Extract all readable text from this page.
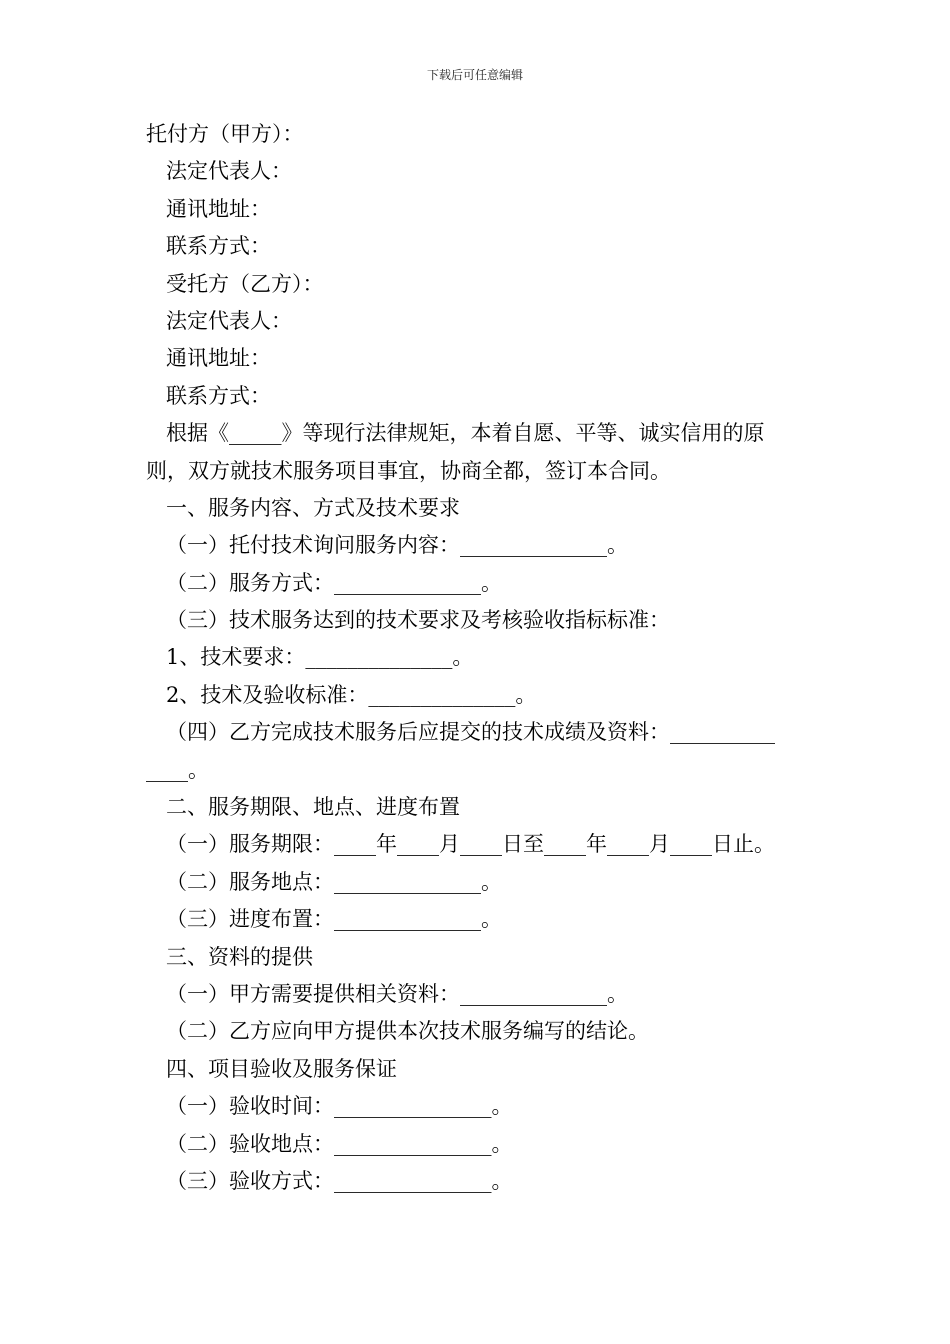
下载后可任意编辑
托付方（甲方）：
法定代表人：
通讯地址：
联系方式：
受托方（乙方）：
法定代表人：
通讯地址：
联系方式：
根据《_____》等现行法律规矩，本着自愿、平等、诚实信用的原
则，双方就技术服务项目事宜，协商全都，签订本合同。
一、服务内容、方式及技术要求
（一）托付技术询问服务内容：______________。
（二）服务方式：______________。
（三）技术服务达到的技术要求及考核验收指标标准：
1、技术要求：______________。
2、技术及验收标准：______________。
（四）乙方完成技术服务后应提交的技术成绩及资料：__________
____。
二、服务期限、地点、进度布置
（一）服务期限：____年____月____日至____年____月____日止。
（二）服务地点：______________。
（三）进度布置：______________。
三、资料的提供
（一）甲方需要提供相关资料：______________。
（二）乙方应向甲方提供本次技术服务编写的结论。
四、项目验收及服务保证
（一）验收时间：_______________。
（二）验收地点：_______________。
（三）验收方式：_______________。
